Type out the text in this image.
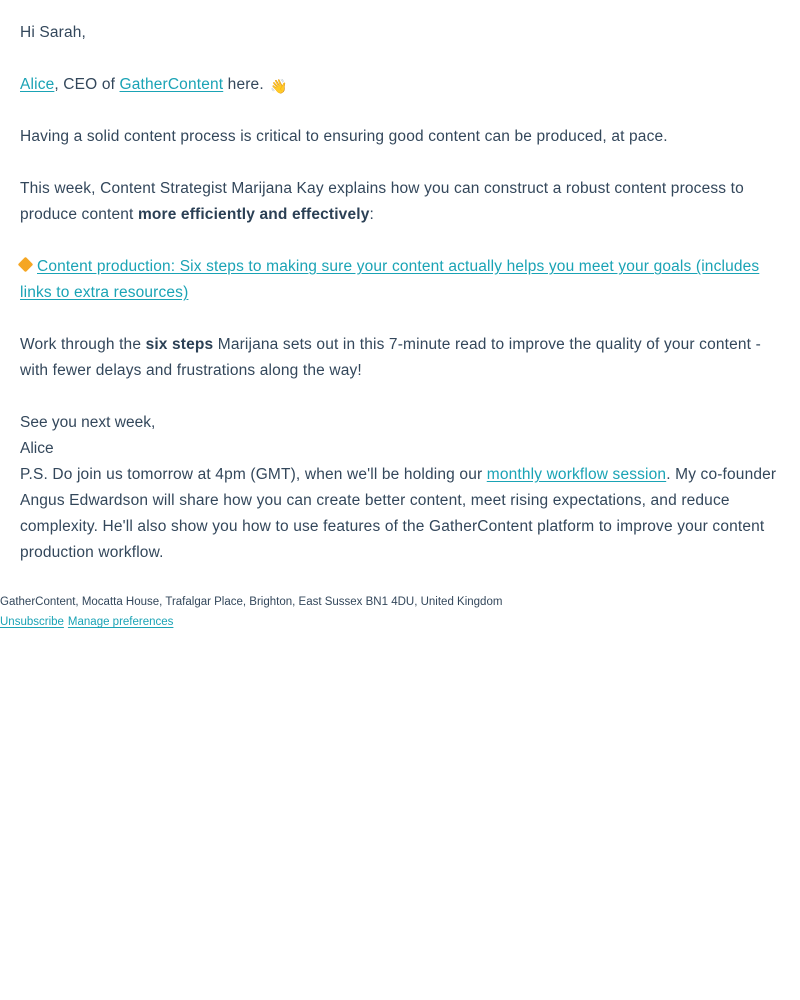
Hi Sarah,

Alice, CEO of GatherContent here. 👋

Having a solid content process is critical to ensuring good content can be produced, at pace.

This week, Content Strategist Marijana Kay explains how you can construct a robust content process to produce content more efficiently and effectively:

Content production: Six steps to making sure your content actually helps you meet your goals (includes links to extra resources)

Work through the six steps Marijana sets out in this 7-minute read to improve the quality of your content - with fewer delays and frustrations along the way!

See you next week,

Alice

P.S. Do join us tomorrow at 4pm (GMT), when we'll be holding our monthly workflow session. My co-founder Angus Edwardson will share how you can create better content, meet rising expectations, and reduce complexity. He'll also show you how to use features of the GatherContent platform to improve your content production workflow.

GatherContent, Mocatta House, Trafalgar Place, Brighton, East Sussex BN1 4DU, United Kingdom

Unsubscribe Manage preferences
